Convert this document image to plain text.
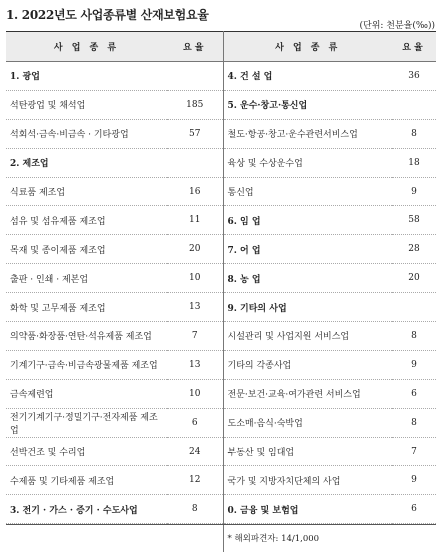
1. 2022년도 사업종류별 산재보험요율
(단위: 천분율(‰))
사 업 종 류	요율	사 업 종 류	요율
1. 광업		4. 건 설 업	36
석탄광업 및 채석업	185	5. 운수·창고·통신업	
석회석·금속·비금속 · 기타광업	57	철도·항공·창고·운수관련서비스업	8
2. 제조업		육상 및 수상운수업	18
식료품 제조업	16	통신업	9
섬유 및 섬유제품 제조업	11	6. 임 업	58
목재 및 종이제품 제조업	20	7. 어 업	28
출판 · 인쇄 · 제본업	10	8. 농 업	20
화학 및 고무제품 제조업	13	9. 기타의 사업	
의약품·화장품·연탄·석유제품 제조업	7	시설관리 및 사업지원 서비스업	8
기계기구·금속·비금속광물제품 제조업	13	기타의 각종사업	9
금속제련업	10	전문·보건·교육·여가관련 서비스업	6
전기기계기구·정밀기구·전자제품 제조업	6	도소매·음식·숙박업	8
선박건조 및 수리업	24	부동산 및 임대업	7
수제품 및 기타제품 제조업	12	국가 및 지방자치단체의 사업	9
3. 전기 · 가스 · 증기 · 수도사업	8	0. 금융 및 보험업	6
		* 해외파견자: 14/1,000	
